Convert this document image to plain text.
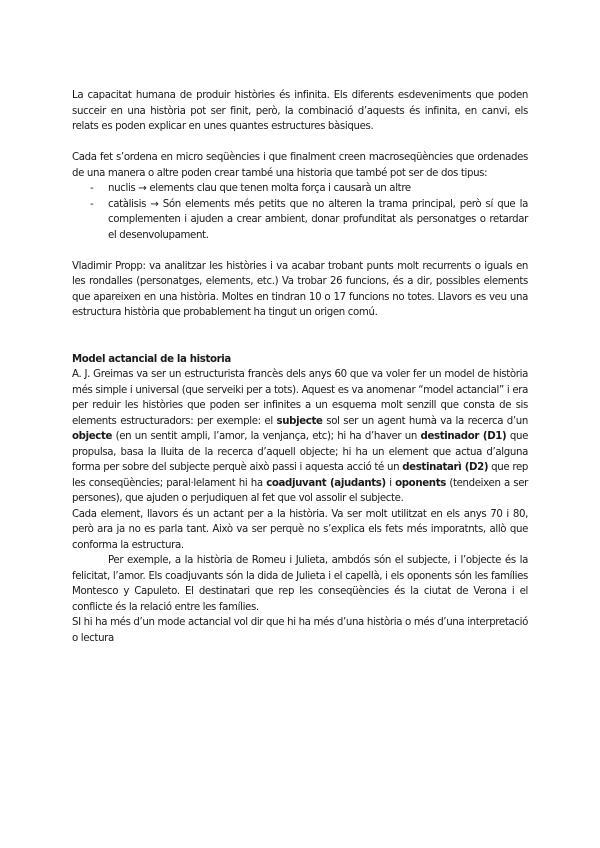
La capacitat humana de produir històries és infinita. Els diferents esdeveniments que poden succeir en una història pot ser finit, però, la combinació d’aquests és infinita, en canvi, els relats es poden explicar en unes quantes estructures bàsiques.

Cada fet s’ordena en micro seqüències i que finalment creen macroseqüències que ordenades de una manera o altre poden crear també una historia que també pot ser de dos tipus:

- nuclis → elements clau que tenen molta força i causarà un altre
- catàlisis → Són elements més petits que no alteren la trama principal, però sí que la complementen i ajuden a crear ambient, donar profunditat als personatges o retardar el desenvolupament.

Vladimir Propp: va analitzar les històries i va acabar trobant punts molt recurrents o iguals en les rondalles (personatges, elements, etc.) Va trobar 26 funcions, és a dir, possibles elements que apareixen en una història. Moltes en tindran 10 o 17 funcions no totes. Llavors es veu una estructura història que probablement ha tingut un origen comú.

Model actancial de la historia

A. J. Greimas va ser un estructurista francès dels anys 60 que va voler fer un model de història més simple i universal (que serveiki per a tots). Aquest es va anomenar “model actancial” i era per reduir les històries que poden ser infinites a un esquema molt senzill que consta de sis elements estructuradors: per exemple: el subjecte sol ser un agent humà va la recerca d’un objecte (en un sentit ampli, l’amor, la venjança, etc); hi ha d’haver un destinador (D1) que propulsa, basa la lluita de la recerca d’aquell objecte; hi ha un element que actua d’alguna forma per sobre del subjecte perquè això passi i aquesta acció té un destinatarì (D2) que rep les conseqüències; paral·lelament hi ha coadjuvant (ajudants) i oponents (tendeixen a ser persones), que ajuden o perjudiquen al fet que vol assolir el subjecte.

Cada element, llavors és un actant per a la història. Va ser molt utilitzat en els anys 70 i 80, però ara ja no es parla tant. Això va ser perquè no s’explica els fets més imporatnts, allò que conforma la estructura.

Per exemple, a la història de Romeu i Julieta, ambdós són el subjecte, i l’objecte és la felicitat, l’amor. Els coadjuvants són la dida de Julieta i el capellà, i els oponents són les famílies Montesco y Capuleto. El destinatari que rep les conseqüències és la ciutat de Verona i el conflicte és la relació entre les famílies.

SI hi ha més d’un mode actancial vol dir que hi ha més d’una història o més d’una interpretació o lectura
